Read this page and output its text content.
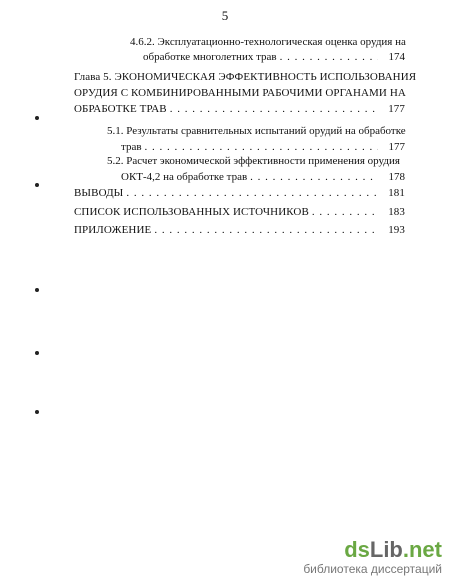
5
4.6.2. Эксплуатационно-технологическая оценка орудия на
обработке многолетних трав . . .	174
Глава 5. ЭКОНОМИЧЕСКАЯ ЭФФЕКТИВНОСТЬ ИСПОЛЬЗОВАНИЯ
ОРУДИЯ С КОМБИНИРОВАННЫМИ РАБОЧИМИ ОРГАНАМИ НА
ОБРАБОТКЕ ТРАВ . . .	177
5.1. Результаты сравнительных испытаний орудий на обработке
трав . . .	177
5.2. Расчет экономической эффективности применения орудия
ОКТ-4,2 на обработке трав . . .	178
ВЫВОДЫ . . .	181
СПИСОК ИСПОЛЬЗОВАННЫХ ИСТОЧНИКОВ . . .	183
ПРИЛОЖЕНИЕ . . .	193
dsLib.net
библиотека диссертаций
